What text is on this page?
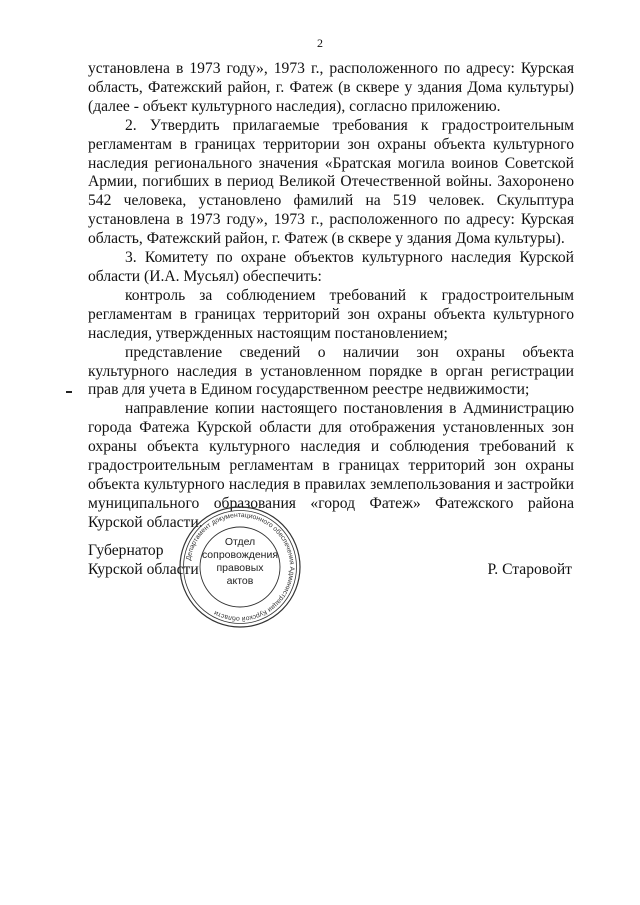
2

установлена в 1973 году», 1973 г., расположенного по адресу: Курская область, Фатежский район, г. Фатеж (в сквере у здания Дома культуры) (далее - объект культурного наследия), согласно приложению.

2. Утвердить прилагаемые требования к градостроительным регламентам в границах территории зон охраны объекта культурного наследия регионального значения «Братская могила воинов Советской Армии, погибших в период Великой Отечественной войны. Захоронено 542 человека, установлено фамилий на 519 человек. Скульптура установлена в 1973 году», 1973 г., расположенного по адресу: Курская область, Фатежский район, г. Фатеж (в сквере у здания Дома культуры).

3. Комитету по охране объектов культурного наследия Курской области (И.А. Мусьял) обеспечить:

контроль за соблюдением требований к градостроительным регламентам в границах территорий зон охраны объекта культурного наследия, утвержденных настоящим постановлением;

представление сведений о наличии зон охраны объекта культурного наследия в установленном порядке в орган регистрации прав для учета в Едином государственном реестре недвижимости;

направление копии настоящего постановления в Администрацию города Фатежа Курской области для отображения установленных зон охраны объекта культурного наследия и соблюдения требований к градостроительным регламентам в границах территорий зон охраны объекта культурного наследия в правилах землепользования и застройки муниципального образования «город Фатеж» Фатежского района Курской области.

Департамент документационного обеспечения Администрации Курской области
Отдел
сопровождения
правовых
актов
Губернатор
Курской области	Р. Старовойт
